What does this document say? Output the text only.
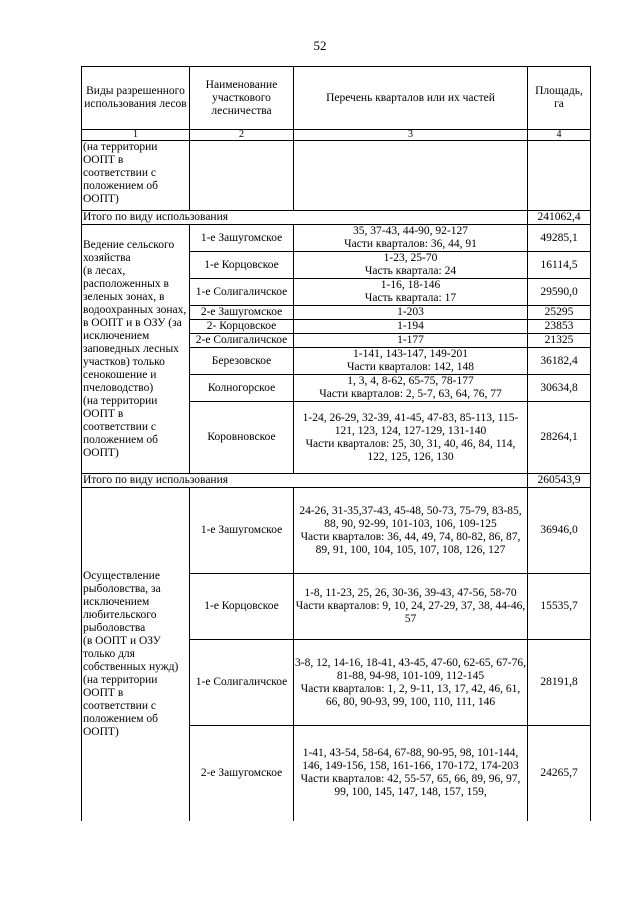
52
Виды разрешенного использования лесов	Наименование участкового лесничества	Перечень кварталов или их частей	Площадь, га
1	2	3	4
(на территории ООПТ в соответствии с положением об ООПТ)			
Итого по виду использования			241062,4
Ведение сельского хозяйства
(в лесах, расположенных в зеленых зонах, в водоохранных зонах, в ООПТ и в ОЗУ (за исключением заповедных лесных участков) только сенокошение и пчеловодство)
(на территории ООПТ в соответствии с положением об ООПТ)	1-е Зашугомское	35, 37-43, 44-90, 92-127
Части кварталов: 36, 44, 91	49285,1
	1-е Корцовское	1-23, 25-70
Часть квартала: 24	16114,5
	1-е Солигаличское	1-16, 18-146
Часть квартала: 17	29590,0
	2-е Зашугомское	1-203	25295
	2- Корцовское	1-194	23853
	2-е Солигаличское	1-177	21325
	Березовское	1-141, 143-147, 149-201
Части кварталов: 142, 148	36182,4
	Колногорское	1, 3, 4, 8-62, 65-75, 78-177
Части кварталов: 2, 5-7, 63, 64, 76, 77	30634,8
	Коровновское	1-24, 26-29, 32-39, 41-45, 47-83, 85-113, 115-121, 123, 124, 127-129, 131-140
Части кварталов: 25, 30, 31, 40, 46, 84, 114, 122, 125, 126, 130	28264,1
Итого по виду использования			260543,9
Осуществление рыболовства, за исключением любительского рыболовства
(в ООПТ и ОЗУ только для собственных нужд)
(на территории ООПТ в соответствии с положением об ООПТ)	1-е Зашугомское	24-26, 31-35,37-43, 45-48, 50-73, 75-79, 83-85, 88, 90, 92-99, 101-103, 106, 109-125
Части кварталов: 36, 44, 49, 74, 80-82, 86, 87, 89, 91, 100, 104, 105, 107, 108, 126, 127	36946,0
	1-е Корцовское	1-8, 11-23, 25, 26, 30-36, 39-43, 47-56, 58-70
Части кварталов: 9, 10, 24, 27-29, 37, 38, 44-46, 57	15535,7
	1-е Солигаличское	3-8, 12, 14-16, 18-41, 43-45, 47-60, 62-65, 67-76, 81-88, 94-98, 101-109, 112-145
Части кварталов: 1, 2, 9-11, 13, 17, 42, 46, 61, 66, 80, 90-93, 99, 100, 110, 111, 146	28191,8
	2-е Зашугомское	1-41, 43-54, 58-64, 67-88, 90-95, 98, 101-144, 146, 149-156, 158, 161-166, 170-172, 174-203
Части кварталов: 42, 55-57, 65, 66, 89, 96, 97, 99, 100, 145, 147, 148, 157, 159,	24265,7
